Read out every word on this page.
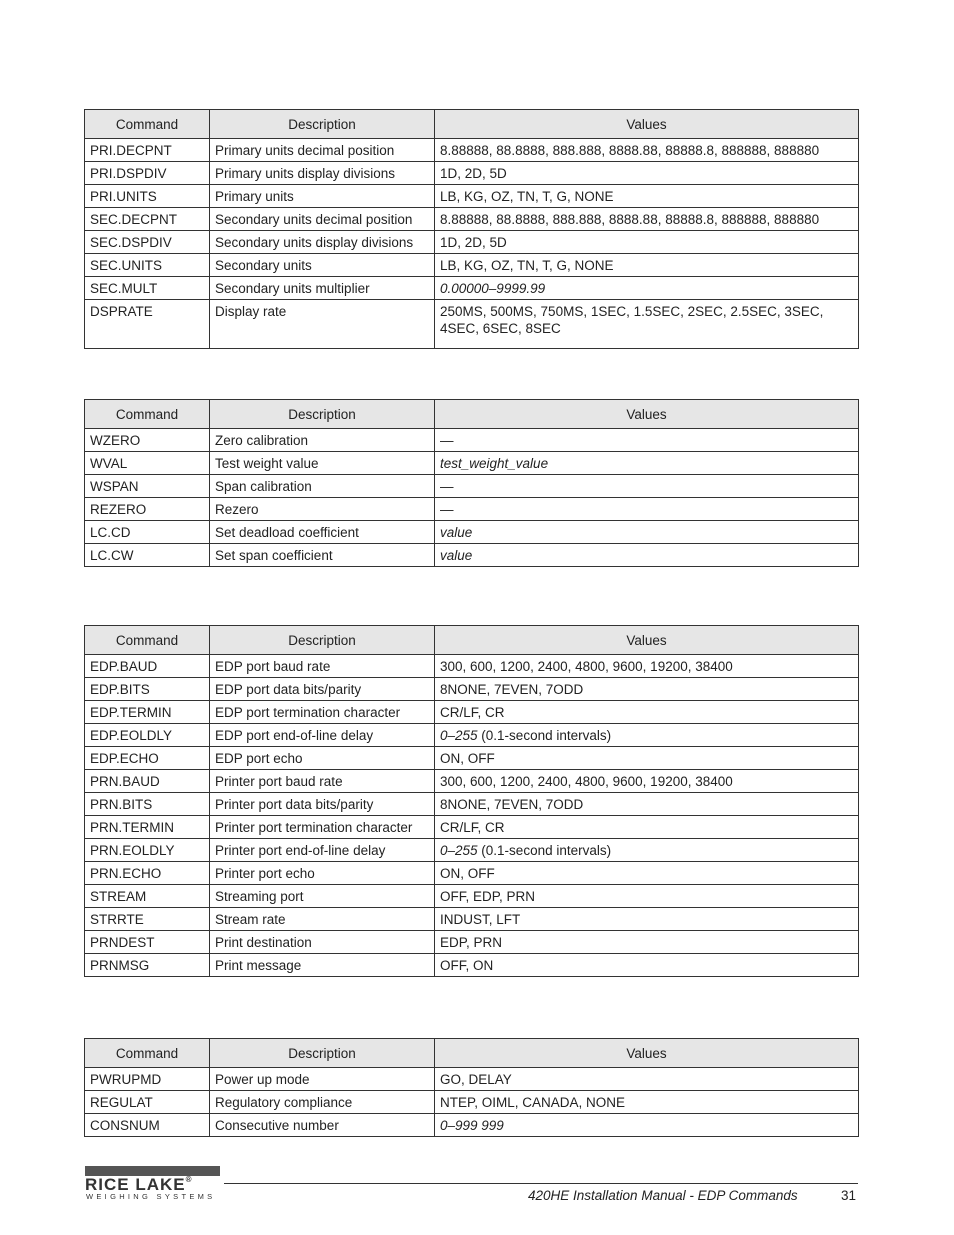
Command	Description	Values
PRI.DECPNT	Primary units decimal position	8.88888, 88.8888, 888.888, 8888.88, 88888.8, 888888, 888880
PRI.DSPDIV	Primary units display divisions	1D, 2D, 5D
PRI.UNITS	Primary units	LB, KG, OZ, TN, T, G, NONE
SEC.DECPNT	Secondary units decimal position	8.88888, 88.8888, 888.888, 8888.88, 88888.8, 888888, 888880
SEC.DSPDIV	Secondary units display divisions	1D, 2D, 5D
SEC.UNITS	Secondary units	LB, KG, OZ, TN, T, G, NONE
SEC.MULT	Secondary units multiplier	0.00000–9999.99
DSPRATE	Display rate	250MS, 500MS, 750MS, 1SEC, 1.5SEC, 2SEC, 2.5SEC, 3SEC, 4SEC, 6SEC, 8SEC
Command	Description	Values
WZERO	Zero calibration	—
WVAL	Test weight value	test_weight_value
WSPAN	Span calibration	—
REZERO	Rezero	—
LC.CD	Set deadload coefficient	value
LC.CW	Set span coefficient	value
Command	Description	Values
EDP.BAUD	EDP port baud rate	300, 600, 1200, 2400, 4800, 9600, 19200, 38400
EDP.BITS	EDP port data bits/parity	8NONE, 7EVEN, 7ODD
EDP.TERMIN	EDP port termination character	CR/LF, CR
EDP.EOLDLY	EDP port end-of-line delay	0–255 (0.1-second intervals)
EDP.ECHO	EDP port echo	ON, OFF
PRN.BAUD	Printer port baud rate	300, 600, 1200, 2400, 4800, 9600, 19200, 38400
PRN.BITS	Printer port data bits/parity	8NONE, 7EVEN, 7ODD
PRN.TERMIN	Printer port termination character	CR/LF, CR
PRN.EOLDLY	Printer port end-of-line delay	0–255 (0.1-second intervals)
PRN.ECHO	Printer port echo	ON, OFF
STREAM	Streaming port	OFF, EDP, PRN
STRRTE	Stream rate	INDUST, LFT
PRNDEST	Print destination	EDP, PRN
PRNMSG	Print message	OFF, ON
Command	Description	Values
PWRUPMD	Power up mode	GO, DELAY
REGULAT	Regulatory compliance	NTEP, OIML, CANADA, NONE
CONSNUM	Consecutive number	0–999 999
RICE LAKE®
WEIGHING SYSTEMS	420HE Installation Manual - EDP Commands	31
